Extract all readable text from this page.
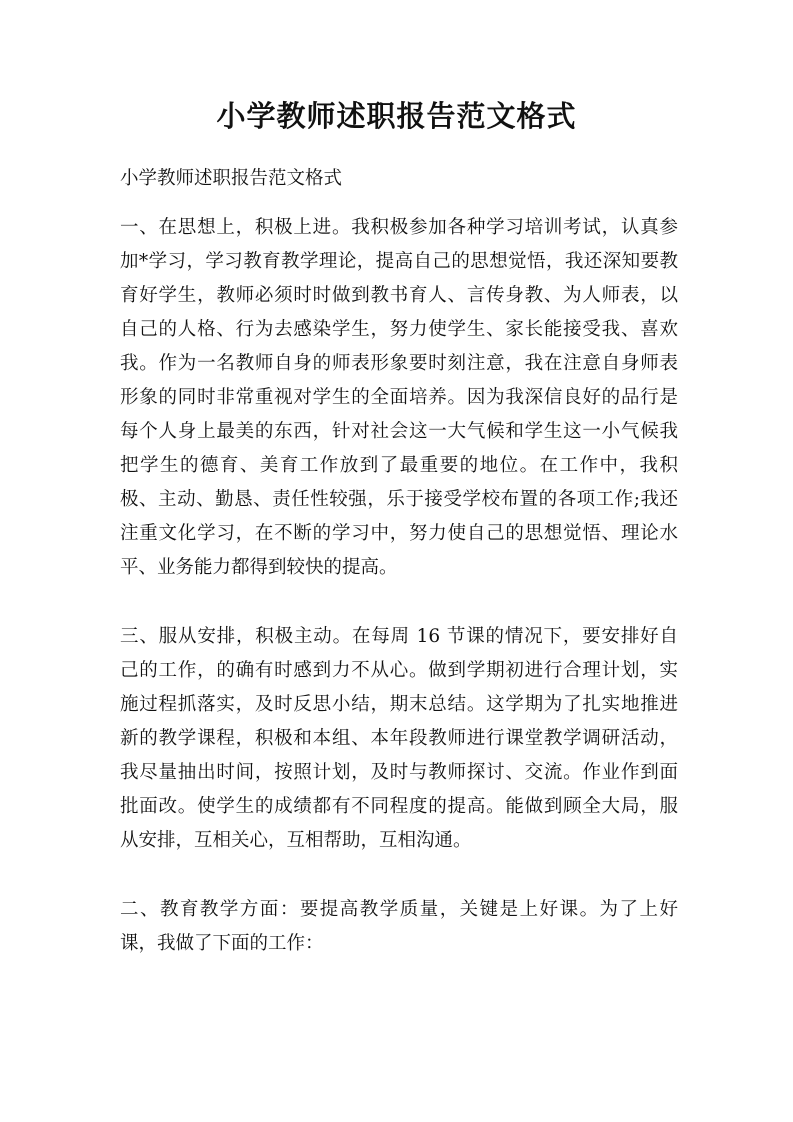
小学教师述职报告范文格式

小学教师述职报告范文格式

一、在思想上，积极上进。我积极参加各种学习培训考试，认真参
加*学习，学习教育教学理论，提高自己的思想觉悟，我还深知要教
育好学生，教师必须时时做到教书育人、言传身教、为人师表，以
自己的人格、行为去感染学生，努力使学生、家长能接受我、喜欢
我。作为一名教师自身的师表形象要时刻注意，我在注意自身师表
形象的同时非常重视对学生的全面培养。因为我深信良好的品行是
每个人身上最美的东西，针对社会这一大气候和学生这一小气候我
把学生的德育、美育工作放到了最重要的地位。在工作中，我积
极、主动、勤恳、责任性较强，乐于接受学校布置的各项工作;我还
注重文化学习，在不断的学习中，努力使自己的思想觉悟、理论水
平、业务能力都得到较快的提高。

三、服从安排，积极主动。在每周 16 节课的情况下，要安排好自
己的工作，的确有时感到力不从心。做到学期初进行合理计划，实
施过程抓落实，及时反思小结，期末总结。这学期为了扎实地推进
新的教学课程，积极和本组、本年段教师进行课堂教学调研活动，
我尽量抽出时间，按照计划，及时与教师探讨、交流。作业作到面
批面改。使学生的成绩都有不同程度的提高。能做到顾全大局，服
从安排，互相关心，互相帮助，互相沟通。

二、教育教学方面：要提高教学质量，关键是上好课。为了上好
课，我做了下面的工作：
